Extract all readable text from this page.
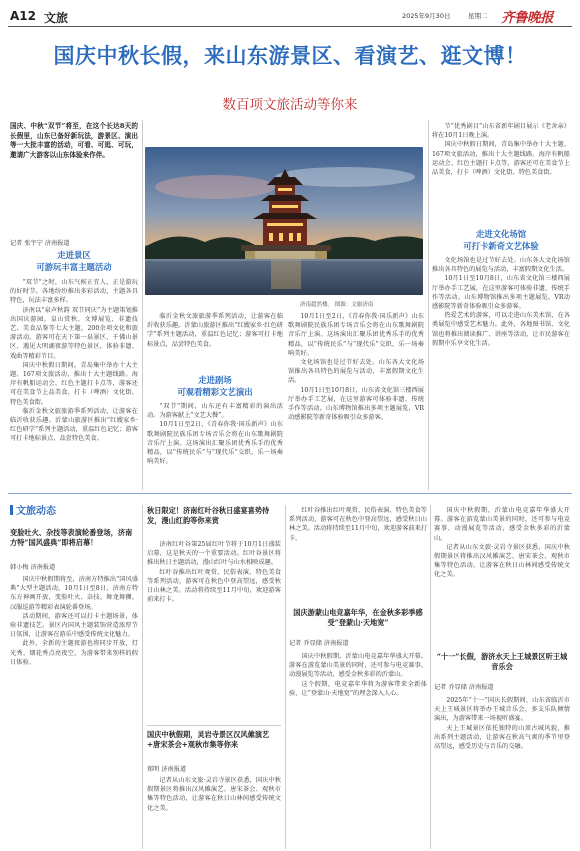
A12 文旅	2025年9月30日	星期二 齐鲁晚报
国庆中秋长假，来山东游景区、看演艺、逛文博！
数百项文旅活动等你来
国庆、中秋“双节”将至，在这个长达8天的长假里，山东已备好新玩法，游景区、演出等一大批丰富的活动，可看、可逛、可玩，邀请广大游客以山东体验来作伴。
记者 张宇宁 济南报道
济南超然楼。 图源：文旅济南
走进景区
可游玩丰富主题活动

“双节”之时，山东气候正宜人，正是游玩的好时节。各地纷纷推出多彩活动，主题各具特色，玩法丰富多样。

济南以“泉声秋韵 双节同庆”为主题策划推出国庆游园，皇山赏秋、文博展览、非遗技艺、美食品鉴等七大主题，200余项文化和旅游活动。游客可在天下第一泉景区、千佛山景区、遇见大明湖夜游等特色景区，体验非遗、戏曲等精彩节目。

国庆中秋假日期间，青岛集中举办十大主题、167项文旅活动，推出十大主题线路。海岸有帆船运动会、红色主题打卡点等，游客还可在美食节上品美食，打卡（啤酒）文化街、特色美食街。

临沂金秋文旅旅游季系列活动，让游客在临沂收获乐趣。沂蒙山旅游区推出“红嫂家乡·红色研学”系列主题活动，重温红色记忆；游客可打卡地标景点，品尝特色美食。

临沂金秋文旅旅游季系列活动，让游客在临沂收获乐趣。沂蒙山旅游区推出“红嫂家乡·红色研学”系列主题活动，重温红色记忆；游客可打卡地标景点，品尝特色美食。

走进剧场
可观看精彩文艺演出

“双节”期间，山东还有丰富精彩的演出活动。为游客献上“文艺大餐”。

10月1日至2日，《青春你我·国乐新声》山东歌舞剧院民族乐团专场音乐会将在山东歌舞剧院音乐厅上演。这场演出汇聚乐团优秀乐手的优秀精品，以“传统民乐”与“现代乐”交织，乐一场奏响美好。

10月1日至2日，《青春你我·国乐新声》山东歌舞剧院民族乐团专场音乐会将在山东歌舞剧院音乐厅上演。这场演出汇聚乐团优秀乐手的优秀精品，以“传统民乐”与“现代乐”交织，乐一场奏响美好。

文化场馆也是过节好去处。山东各大文化场馆推出各具特色的展览与活动，丰富假期文化生活。

10月1日至10月8日，山东省文化馆三楼西展厅举办手工艺展，在这里游客可体验非遗、传统手作等活动。山东博物馆推出多项主题展览，VR动感影院等新奇体验吸引众多游客。

节“优秀剧目”山东省新年剧目展示《老舍亲》将在10月1日晚上演。

国庆中秋假日期间，青岛集中举办十大主题、167项文旅活动，推出十大主题线路。海岸有帆船运动会、红色主题打卡点等，游客还可在美食节上品美食，打卡（啤酒）文化街、特色美食街。

走进文化场馆
可打卡新奇文艺体验

文化场馆也是过节好去处。山东各大文化场馆推出各具特色的展览与活动，丰富假期文化生活。

10月1日至10月8日，山东省文化馆三楼西展厅举办手工艺展，在这里游客可体验非遗、传统手作等活动。山东博物馆推出多项主题展览，VR动感影院等新奇体验吸引众多游客。

热爱艺术的游客，可以走进山东美术馆，在各类展览中感受艺术魅力。此外，各地图书馆、文化馆也将推出阅读推广、讲座等活动，让市民游客在假期中乐享文化生活。

文旅动态
变脸吐火、杂技等表演轮番登场，济南方特“国风盛典”即将启幕！
韩小梅 济南报道

国庆中秋假期将至，济南方特推出“国风盛典”大型主题活动，10月1日至8日，济南方特东方神画开放，变脸吐火、杂技、舞龙舞狮、汉服巡游等精彩表演轮番登场。

活动期间，游客还可以打卡主题场景，体验非遗技艺。景区内国风主题装饰营造浓厚节日氛围，让游客在游乐中感受传统文化魅力。

此外，全新的主题夜游也将同步开放，灯光秀、烟花秀点亮夜空，为游客带来别样的假日体验。

秋日限定！济南红叶谷秋日盛宴喜势待发，漫山红韵等你来赏

济南红叶谷第25届红叶节将于10月1日盛装启幕，这是秋天的一个重要活动。红叶谷景区将推出秋日主题活动，漫山红叶与山水相映成趣。

红叶谷推出红叶观赏、民俗表演、特色美食等系列活动，游客可在秋色中登高望远，感受秋日山林之美。活动将持续至11月中旬，欢迎游客前来打卡。

国庆中秋假期，灵岩寺景区汉风傩演艺+唐宋茶会+观秋市集等你来
郑明 济南报道

记者从山东文旅·灵岩寺景区获悉，国庆中秋假期景区将推出汉风傩演艺、唐宋茶会、观秋市集等特色活动，让游客在秋日山林间感受传统文化之美。

红叶谷推出红叶观赏、民俗表演、特色美食等系列活动，游客可在秋色中登高望远，感受秋日山林之美。活动将持续至11月中旬，欢迎游客前来打卡。

国庆游蒙山电竞嘉年华，在金秋多彩季感受“登蒙山·天地宽”
记者 乔显储 济南报道

国庆中秋假期，沂蒙山电竞嘉年华盛大开幕。游客在游览蒙山美景的同时，还可参与电竞赛事、动漫展览等活动，感受金秋多彩的沂蒙山。

这个假期，电竞嘉年华将为游客带来全新体验，让“登蒙山·天地宽”的理念深入人心。

国庆中秋假期，沂蒙山电竞嘉年华盛大开幕。游客在游览蒙山美景的同时，还可参与电竞赛事、动漫展览等活动，感受金秋多彩的沂蒙山。

记者从山东文旅·灵岩寺景区获悉，国庆中秋假期景区将推出汉风傩演艺、唐宋茶会、观秋市集等特色活动，让游客在秋日山林间感受传统文化之美。

“十一”长假，游济水天上王城景区听王城音乐会
记者 乔显储 济南报道

2025年“十一”国庆长假期间，山东省临沂市天上王城景区将举办王城音乐会，多支乐队倾情演出，为游客带来一场视听盛宴。

天上王城景区依托独特的山顶古城风貌，推出系列主题活动，让游客在秋高气爽的季节里登高望远，感受历史与音乐的交融。
